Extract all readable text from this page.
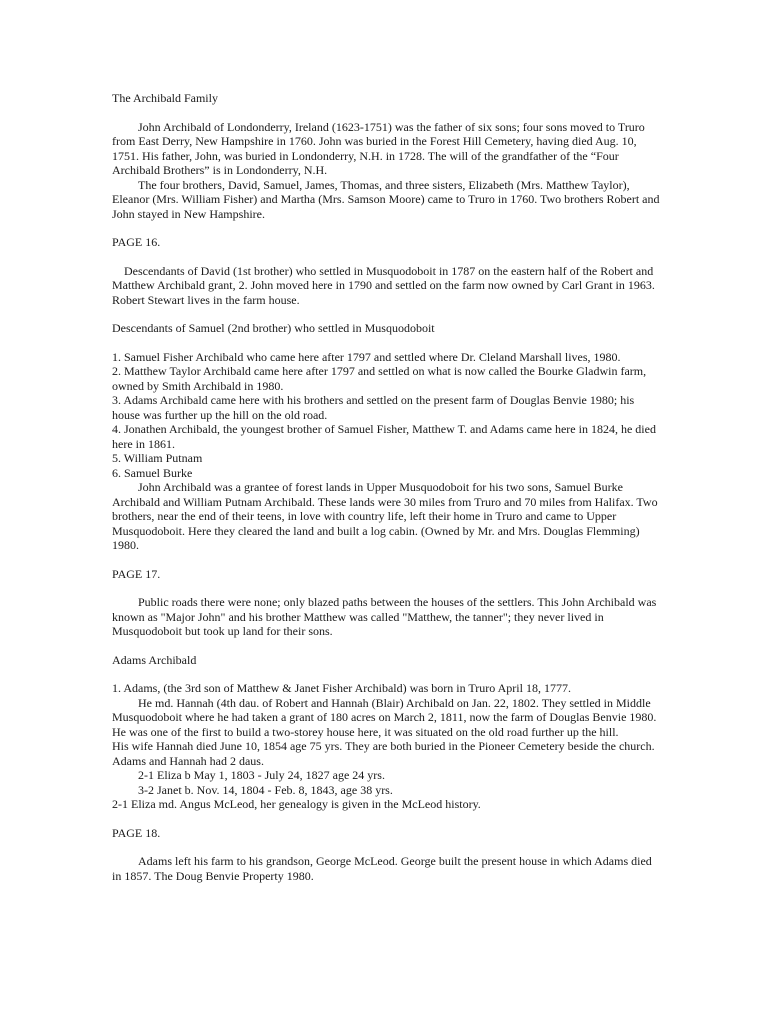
The Archibald Family

John Archibald of Londonderry, Ireland (1623-1751) was the father of six sons; four sons moved to Truro from East Derry, New Hampshire in 1760. John was buried in the Forest Hill Cemetery, having died Aug. 10, 1751. His father, John, was buried in Londonderry, N.H. in 1728. The will of the grandfather of the “Four Archibald Brothers” is in Londonderry, N.H.

The four brothers, David, Samuel, James, Thomas, and three sisters, Elizabeth (Mrs. Matthew Taylor), Eleanor (Mrs. William Fisher) and Martha (Mrs. Samson Moore) came to Truro in 1760. Two brothers Robert and John stayed in New Hampshire.

PAGE 16.

Descendants of David (1st brother) who settled in Musquodoboit in 1787 on the eastern half of the Robert and Matthew Archibald grant, 2. John moved here in 1790 and settled on the farm now owned by Carl Grant in 1963. Robert Stewart lives in the farm house.

Descendants of Samuel (2nd brother) who settled in Musquodoboit

1. Samuel Fisher Archibald who came here after 1797 and settled where Dr. Cleland Marshall lives, 1980.

2. Matthew Taylor Archibald came here after 1797 and settled on what is now called the Bourke Gladwin farm, owned by Smith Archibald in 1980.

3. Adams Archibald came here with his brothers and settled on the present farm of Douglas Benvie 1980; his house was further up the hill on the old road.

4. Jonathen Archibald, the youngest brother of Samuel Fisher, Matthew T. and Adams came here in 1824, he died here in 1861.

5. William Putnam

6. Samuel Burke

John Archibald was a grantee of forest lands in Upper Musquodoboit for his two sons, Samuel Burke Archibald and William Putnam Archibald. These lands were 30 miles from Truro and 70 miles from Halifax. Two brothers, near the end of their teens, in love with country life, left their home in Truro and came to Upper Musquodoboit. Here they cleared the land and built a log cabin. (Owned by Mr. and Mrs. Douglas Flemming) 1980.

PAGE 17.

Public roads there were none; only blazed paths between the houses of the settlers. This John Archibald was known as "Major John" and his brother Matthew was called "Matthew, the tanner"; they never lived in Musquodoboit but took up land for their sons.

Adams Archibald

1. Adams, (the 3rd son of Matthew & Janet Fisher Archibald) was born in Truro April 18, 1777.

He md. Hannah (4th dau. of Robert and Hannah (Blair) Archibald on Jan. 22, 1802. They settled in Middle Musquodoboit where he had taken a grant of 180 acres on March 2, 1811, now the farm of Douglas Benvie 1980. He was one of the first to build a two-storey house here, it was situated on the old road further up the hill.

His wife Hannah died June 10, 1854 age 75 yrs. They are both buried in the Pioneer Cemetery beside the church. Adams and Hannah had 2 daus.

2-1 Eliza b May 1, 1803 - July 24, 1827 age 24 yrs.

3-2 Janet b. Nov. 14, 1804 - Feb. 8, 1843, age 38 yrs.

2-1 Eliza md. Angus McLeod, her genealogy is given in the McLeod history.

PAGE 18.

Adams left his farm to his grandson, George McLeod. George built the present house in which Adams died in 1857. The Doug Benvie Property 1980.
